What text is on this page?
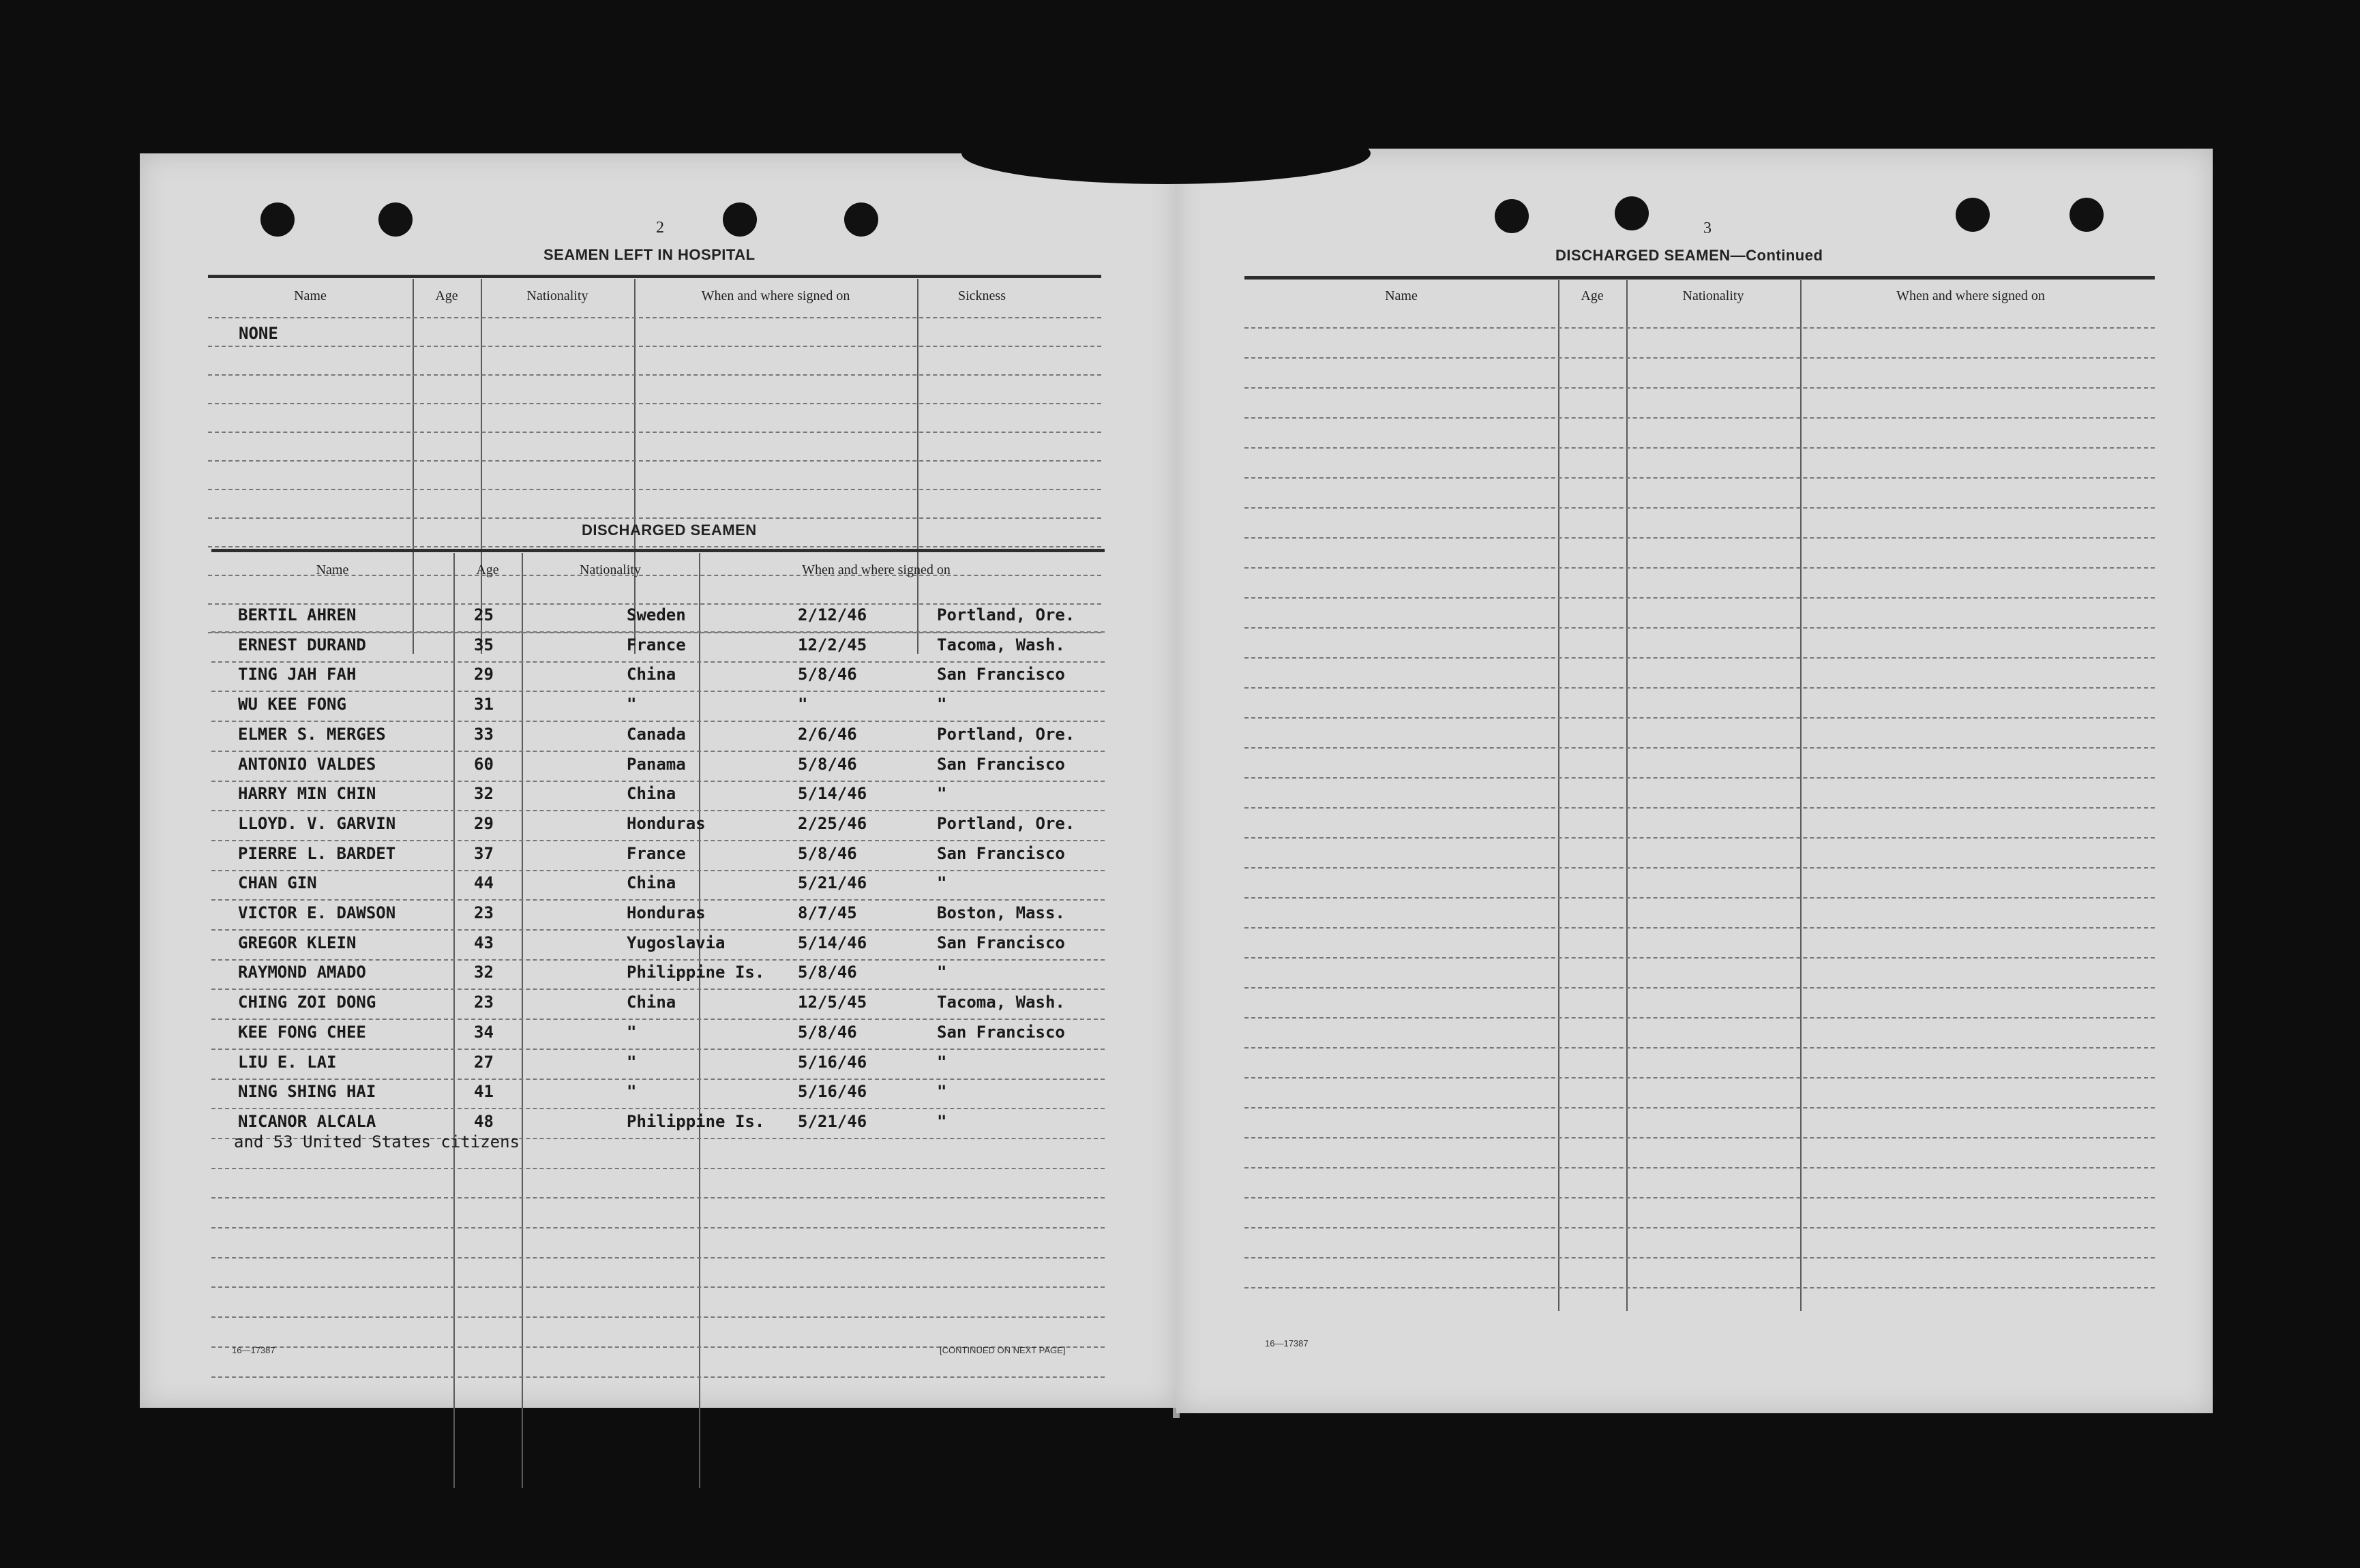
2
SEAMEN LEFT IN HOSPITAL
Name	Age	Nationality	When and where signed on	Sickness
NONE
DISCHARGED SEAMEN
Name	Age	Nationality	When and where signed on
BERTIL AHREN	25	Sweden	2/12/46	Portland, Ore.
ERNEST DURAND	35	France	12/2/45	Tacoma, Wash.
TING JAH FAH	29	China	5/8/46	San Francisco
WU KEE FONG	31	"	"	"
ELMER S. MERGES	33	Canada	2/6/46	Portland, Ore.
ANTONIO VALDES	60	Panama	5/8/46	San Francisco
HARRY MIN CHIN	32	China	5/14/46	"
LLOYD. V. GARVIN	29	Honduras	2/25/46	Portland, Ore.
PIERRE L. BARDET	37	France	5/8/46	San Francisco
CHAN GIN	44	China	5/21/46	"
VICTOR E. DAWSON	23	Honduras	8/7/45	Boston, Mass.
GREGOR KLEIN	43	Yugoslavia	5/14/46	San Francisco
RAYMOND AMADO	32	Philippine Is. 5/8/46	"
CHING ZOI DONG	23	China	12/5/45	Tacoma, Wash.
KEE FONG CHEE	34	"	5/8/46	San Francisco
LIU E. LAI	27	"	5/16/46	"
NING SHING HAI	41	"	5/16/46	"
NICANOR ALCALA	48	Philippine Is. 5/21/46	"
and 53 United States citizens
16—17387	[CONTINUED ON NEXT PAGE]
3
DISCHARGED SEAMEN—Continued
Name	Age	Nationality	When and where signed on
16—17387
